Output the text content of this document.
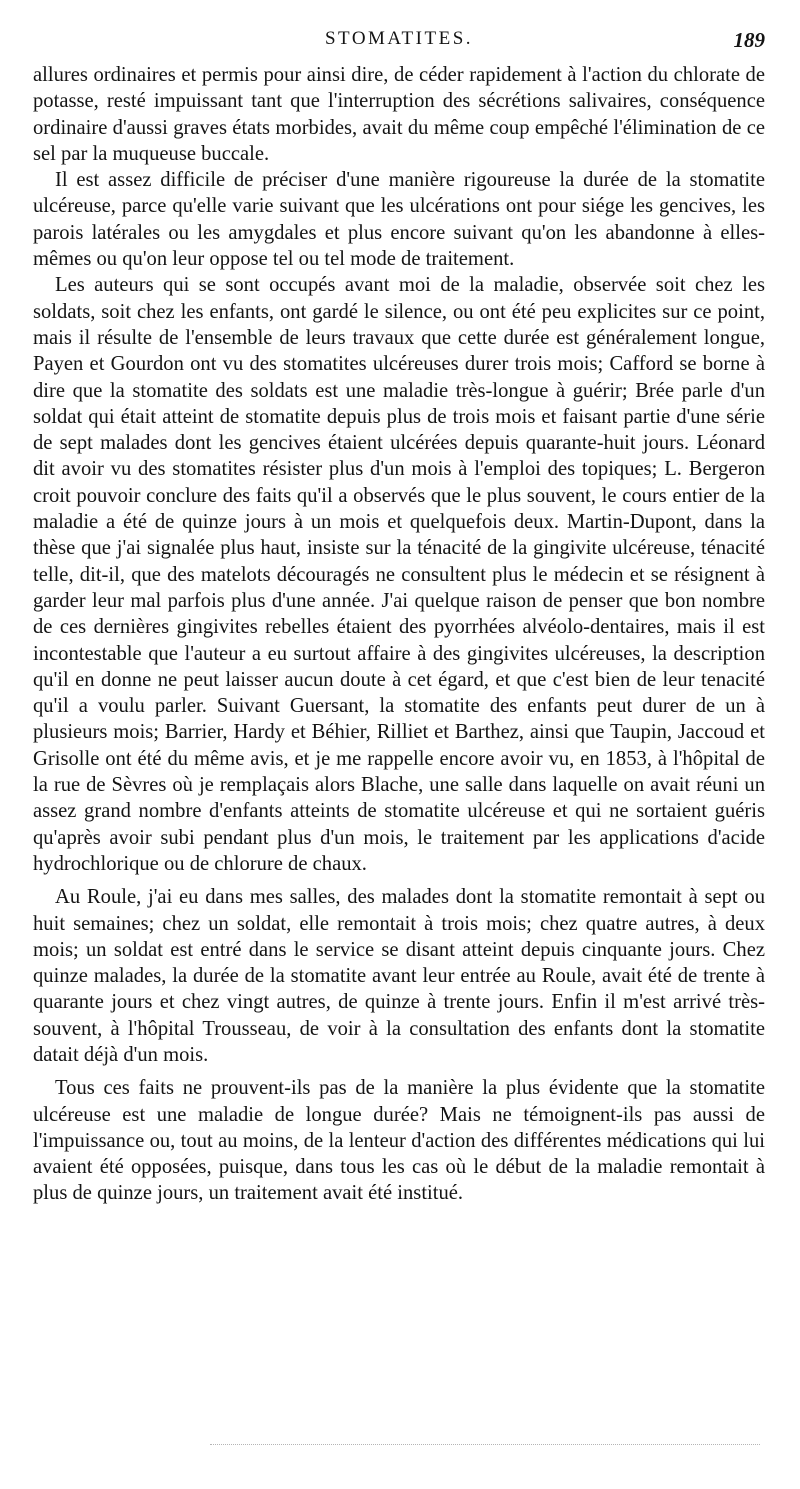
STOMATITES.	189

allures ordinaires et permis pour ainsi dire, de céder rapidement à l'action du chlorate de potasse, resté impuissant tant que l'interruption des sécrétions salivaires, conséquence ordinaire d'aussi graves états morbides, avait du même coup empêché l'élimination de ce sel par la muqueuse buccale.

Il est assez difficile de préciser d'une manière rigoureuse la durée de la stomatite ulcéreuse, parce qu'elle varie suivant que les ulcérations ont pour siége les gencives, les parois latérales ou les amygdales et plus encore suivant qu'on les abandonne à elles-mêmes ou qu'on leur oppose tel ou tel mode de traitement.

Les auteurs qui se sont occupés avant moi de la maladie, observée soit chez les soldats, soit chez les enfants, ont gardé le silence, ou ont été peu explicites sur ce point, mais il résulte de l'ensemble de leurs travaux que cette durée est généralement longue, Payen et Gourdon ont vu des stomatites ulcéreuses durer trois mois; Cafford se borne à dire que la stomatite des soldats est une maladie très-longue à guérir; Brée parle d'un soldat qui était atteint de stomatite depuis plus de trois mois et faisant partie d'une série de sept malades dont les gencives étaient ulcérées depuis quarante-huit jours. Léonard dit avoir vu des stomatites résister plus d'un mois à l'emploi des topiques; L. Bergeron croit pouvoir conclure des faits qu'il a observés que le plus souvent, le cours entier de la maladie a été de quinze jours à un mois et quelquefois deux. Martin-Dupont, dans la thèse que j'ai signalée plus haut, insiste sur la ténacité de la gingivite ulcéreuse, ténacité telle, dit-il, que des matelots découragés ne consultent plus le médecin et se résignent à garder leur mal parfois plus d'une année. J'ai quelque raison de penser que bon nombre de ces dernières gingivites rebelles étaient des pyorrhées alvéolo-dentaires, mais il est incontestable que l'auteur a eu surtout affaire à des gingivites ulcéreuses, la description qu'il en donne ne peut laisser aucun doute à cet égard, et que c'est bien de leur tenacité qu'il a voulu parler. Suivant Guersant, la stomatite des enfants peut durer de un à plusieurs mois; Barrier, Hardy et Béhier, Rilliet et Barthez, ainsi que Taupin, Jaccoud et Grisolle ont été du même avis, et je me rappelle encore avoir vu, en 1853, à l'hôpital de la rue de Sèvres où je remplaçais alors Blache, une salle dans laquelle on avait réuni un assez grand nombre d'enfants atteints de stomatite ulcéreuse et qui ne sortaient guéris qu'après avoir subi pendant plus d'un mois, le traitement par les applications d'acide hydrochlorique ou de chlorure de chaux.

Au Roule, j'ai eu dans mes salles, des malades dont la stomatite remontait à sept ou huit semaines; chez un soldat, elle remontait à trois mois; chez quatre autres, à deux mois; un soldat est entré dans le service se disant atteint depuis cinquante jours. Chez quinze malades, la durée de la stomatite avant leur entrée au Roule, avait été de trente à quarante jours et chez vingt autres, de quinze à trente jours. Enfin il m'est arrivé très-souvent, à l'hôpital Trousseau, de voir à la consultation des enfants dont la stomatite datait déjà d'un mois.

Tous ces faits ne prouvent-ils pas de la manière la plus évidente que la stomatite ulcéreuse est une maladie de longue durée? Mais ne témoignent-ils pas aussi de l'impuissance ou, tout au moins, de la lenteur d'action des différentes médications qui lui avaient été opposées, puisque, dans tous les cas où le début de la maladie remontait à plus de quinze jours, un traitement avait été institué.
